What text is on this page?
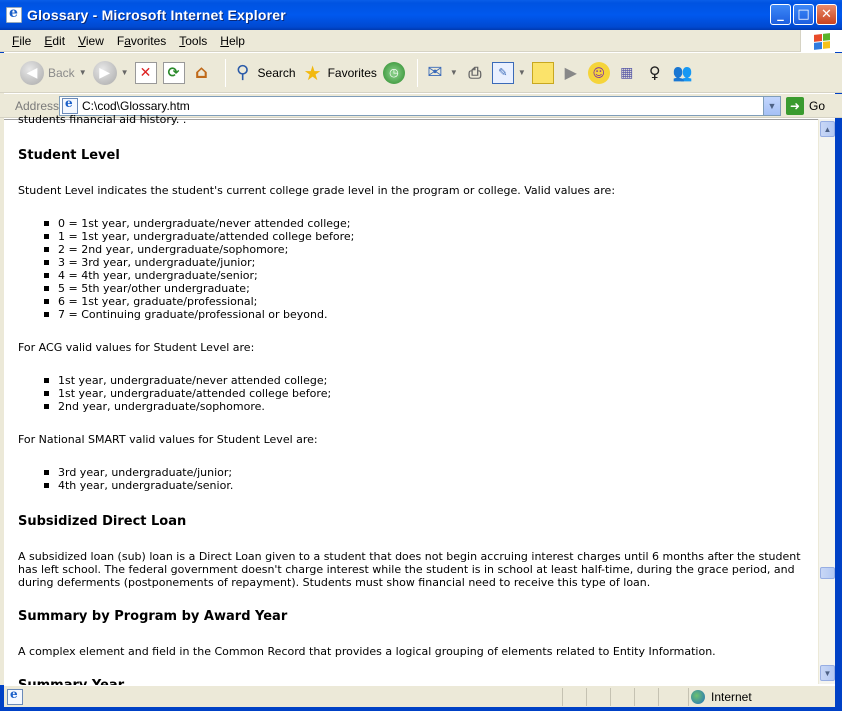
e
Glossary - Microsoft Internet Explorer	_	□ ✕
File Edit View Favorites Tools Help
◀ Back ▼ ▶	▼ ✕	⟳ ⌂ ⚲ Search ★ Favorites	◷	✉ ▼ ⎙	✎	▼	▶	☺	▦ ♀ 👥
Address
e C:\cod\Glossary.htm	▼	➜ Go

students financial aid history. .

Student Level

Student Level indicates the student's current college grade level in the program or college. Valid values are:

0 = 1st year, undergraduate/never attended college;
1 = 1st year, undergraduate/attended college before;
2 = 2nd year, undergraduate/sophomore;
3 = 3rd year, undergraduate/junior;
4 = 4th year, undergraduate/senior;
5 = 5th year/other undergraduate;
6 = 1st year, graduate/professional;
7 = Continuing graduate/professional or beyond.

For ACG valid values for Student Level are:

1st year, undergraduate/never attended college;
1st year, undergraduate/attended college before;
2nd year, undergraduate/sophomore.

For National SMART valid values for Student Level are:

3rd year, undergraduate/junior;
4th year, undergraduate/senior.
Subsidized Direct Loan

A subsidized loan (sub) loan is a Direct Loan given to a student that does not begin accruing interest charges until 6 months after the student has left school. The federal government doesn't charge interest while the student is in school at least half-time, during the grace period, and during deferments (postponements of repayment). Students must show financial need to receive this type of loan.

Summary by Program by Award Year

A complex element and field in the Common Record that provides a logical grouping of elements related to Entity Information.

▲
▼
e
Internet
